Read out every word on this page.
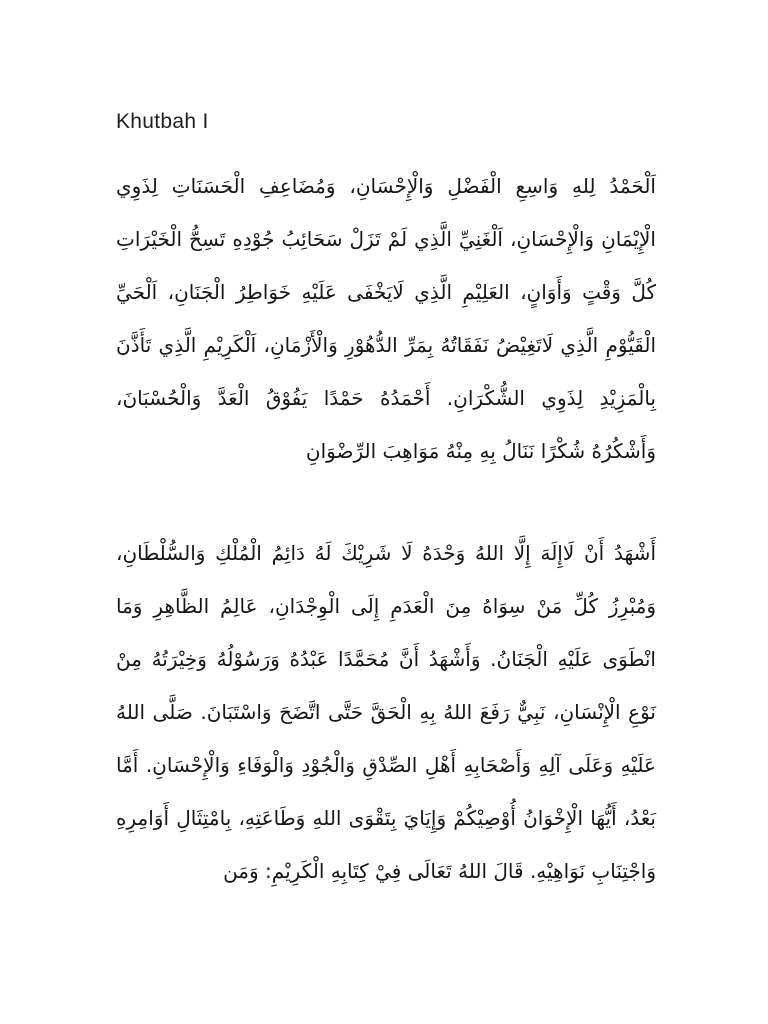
Khutbah I

اَلْحَمْدُ لِلهِ وَاسِعِ الْفَضْلِ وَالْإِحْسَانِ، وَمُضَاعِفِ الْحَسَنَاتِ لِذَوِي الْإِيْمَانِ وَالْإِحْسَانِ، اَلْغَنِيِّ الَّذِي لَمْ تَزَلْ سَحَائِبُ جُوْدِهِ تَسِحُّ الْخَيْرَاتِ كُلَّ وَقْتٍ وَأَوَانٍ، العَلِيْمِ الَّذِي لَايَخْفَى عَلَيْهِ خَوَاطِرُ الْجَنَانِ، اَلْحَيِّ الْقَيُّوْمِ الَّذِي لَاتَغِيْضُ نَفَقَاتُهُ بِمَرِّ الدُّهُوْرِ وَالْأَزْمَانِ، اَلْكَرِيْمِ الَّذِي تَأَذَّنَ بِالْمَزِيْدِ لِذَوِي الشُّكْرَانِ. أَحْمَدُهُ حَمْدًا يَفُوْقُ الْعَدَّ وَالْحُسْبَانَ، وَأَشْكُرُهُ شُكْرًا نَنَالُ بِهِ مِنْهُ مَوَاهِبَ الرِّضْوَانِ

أَشْهَدُ أَنْ لَاإِلَهَ إِلَّا اللهُ وَحْدَهُ لَا شَرِيْكَ لَهُ دَائِمُ الْمُلْكِ وَالسُّلْطَانِ، وَمُبْرِزُ كُلِّ مَنْ سِوَاهُ مِنَ الْعَدَمِ إِلَى الْوِجْدَانِ، عَالِمُ الظَّاهِرِ وَمَا انْطَوَى عَلَيْهِ الْجَنَانُ. وَأَشْهَدُ أَنَّ مُحَمَّدًا عَبْدُهُ وَرَسُوْلُهُ وَخِيْرَتُهُ مِنْ نَوْعِ الْإِنْسَانِ، نَبِيٌّ رَفَعَ اللهُ بِهِ الْحَقَّ حَتَّى اتَّضَحَ وَاسْتَبَانَ. صَلَّى اللهُ عَلَيْهِ وَعَلَى آلِهِ وَأَصْحَابِهِ أَهْلِ الصِّدْقِ وَالْجُوْدِ وَالْوَفَاءِ وَالْإِحْسَانِ. أَمَّا بَعْدُ، أَيُّهَا الْإِخْوَانُ أُوْصِيْكُمْ وَإِيَايَ بِتَقْوَى اللهِ وَطَاعَتِهِ، بِامْتِثَالِ أَوَامِرِهِ وَاجْتِنَابِ نَوَاهِيْهِ. قَالَ اللهُ تَعَالَى فِيْ كِتَابِهِ الْكَرِيْمِ: وَمَن
